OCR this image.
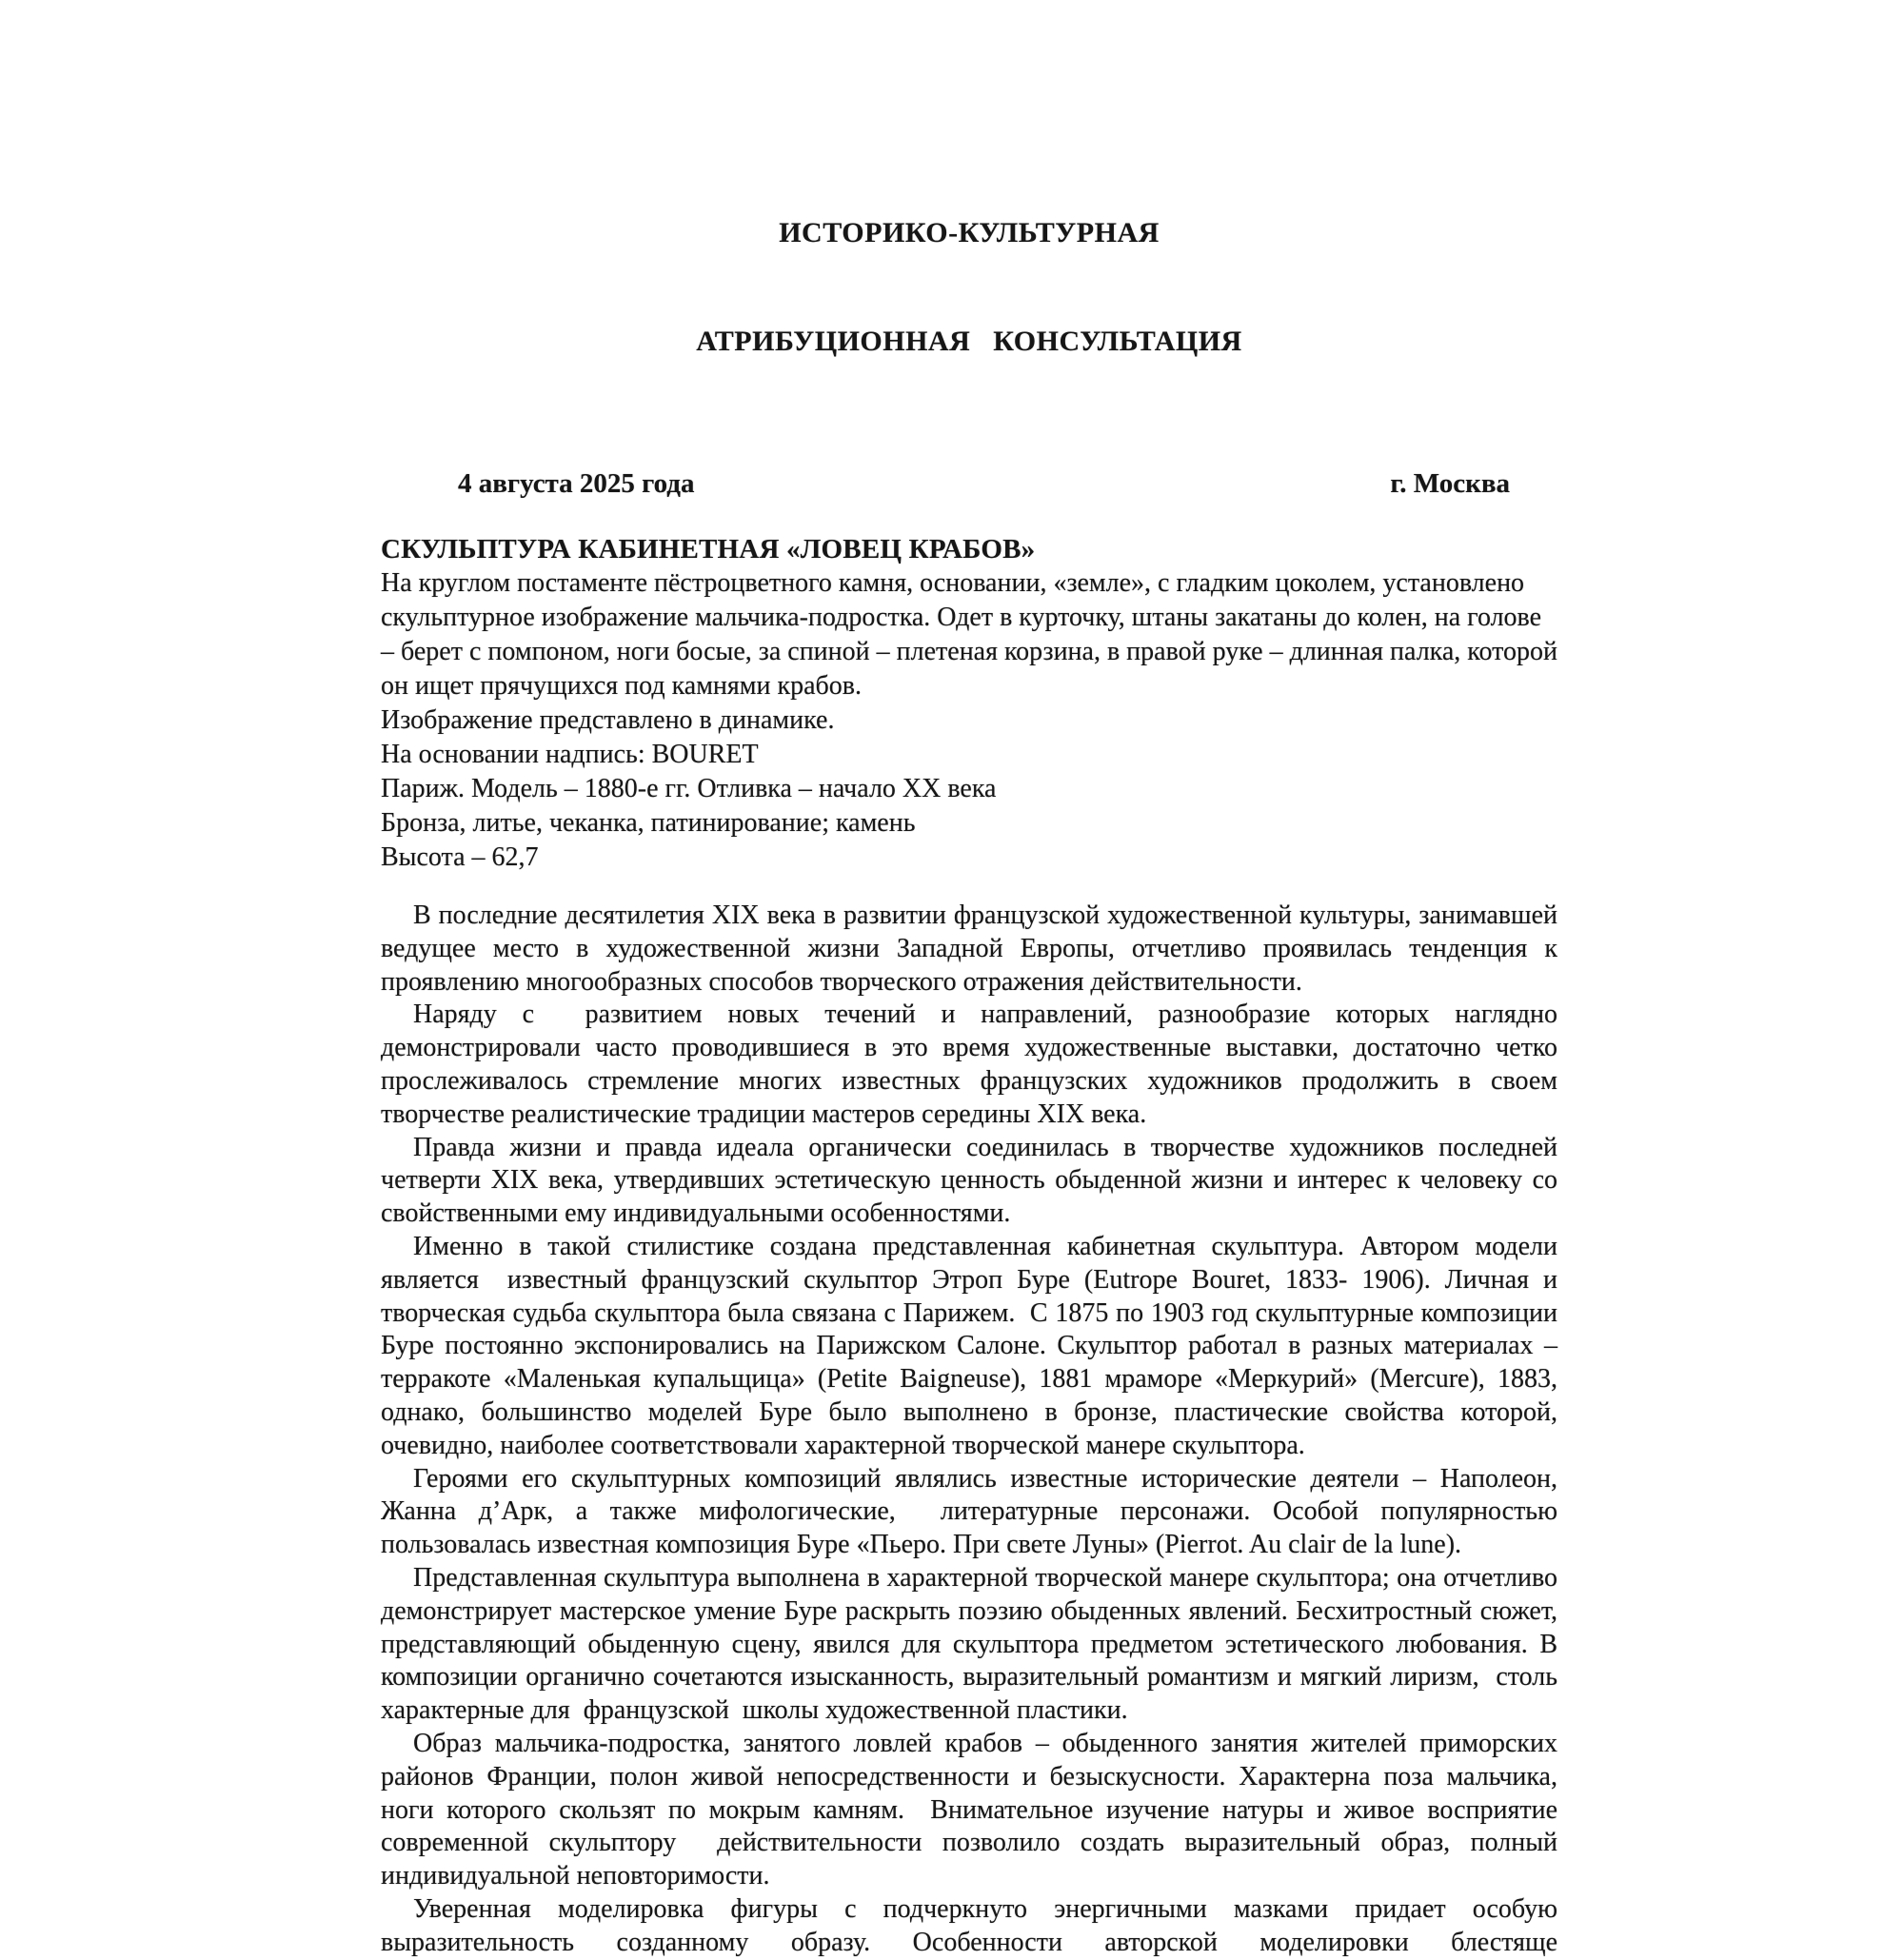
ИСТОРИКО-КУЛЬТУРНАЯ

АТРИБУЦИОННАЯ   КОНСУЛЬТАЦИЯ

4 августа 2025 года	г. Москва
СКУЛЬПТУРА КАБИНЕТНАЯ «ЛОВЕЦ КРАБОВ»
На круглом постаменте пёстроцветного камня, основании, «земле», с гладким цоколем, установлено скульптурное изображение мальчика-подростка. Одет в курточку, штаны закатаны до колен, на голове – берет с помпоном, ноги босые, за спиной – плетеная корзина, в правой руке – длинная палка, которой он ищет прячущихся под камнями крабов.
Изображение представлено в динамике.
На основании надпись: BOURET
Париж. Модель – 1880-е гг. Отливка – начало XX века
Бронза, литье, чеканка, патинирование; камень
Высота – 62,7

В последние десятилетия XIX века в развитии французской художественной культуры, занимавшей ведущее место в художественной жизни Западной Европы, отчетливо проявилась тенденция к проявлению многообразных способов творческого отражения действительности.

Наряду с  развитием новых течений и направлений, разнообразие которых наглядно демонстрировали часто проводившиеся в это время художественные выставки, достаточно четко прослеживалось стремление многих известных французских художников продолжить в своем творчестве реалистические традиции мастеров середины XIX века.

Правда жизни и правда идеала органически соединилась в творчестве художников последней четверти XIX века, утвердивших эстетическую ценность обыденной жизни и интерес к человеку со свойственными ему индивидуальными особенностями.

Именно в такой стилистике создана представленная кабинетная скульптура. Автором модели является  известный французский скульптор Этроп Буре (Eutrope Bouret, 1833- 1906). Личная и творческая судьба скульптора была связана с Парижем.  С 1875 по 1903 год скульптурные композиции Буре постоянно экспонировались на Парижском Салоне. Скульптор работал в разных материалах – терракоте «Маленькая купальщица» (Petite Baigneuse), 1881 мраморе «Меркурий» (Mercure), 1883, однако, большинство моделей Буре было выполнено в бронзе, пластические свойства которой, очевидно, наиболее соответствовали характерной творческой манере скульптора.

Героями его скульптурных композиций являлись известные исторические деятели – Наполеон, Жанна д’Арк, а также мифологические,  литературные персонажи. Особой популярностью пользовалась известная композиция Буре «Пьеро. При свете Луны» (Pierrot. Au clair de la lune).

Представленная скульптура выполнена в характерной творческой манере скульптора; она отчетливо демонстрирует мастерское умение Буре раскрыть поэзию обыденных явлений. Бесхитростный сюжет, представляющий обыденную сцену, явился для скульптора предметом эстетического любования. В композиции органично сочетаются изысканность, выразительный романтизм и мягкий лиризм,  столь характерные для  французской  школы художественной пластики.

Образ мальчика-подростка, занятого ловлей крабов – обыденного занятия жителей приморских районов Франции, полон живой непосредственности и безыскусности. Характерна поза мальчика, ноги которого скользят по мокрым камням.  Внимательное изучение натуры и живое восприятие современной скульптору  действительности позволило создать выразительный образ, полный индивидуальной неповторимости.

Уверенная моделировка фигуры с подчеркнуто энергичными мазками придает особую выразительность созданному образу. Особенности авторской моделировки блестяще
